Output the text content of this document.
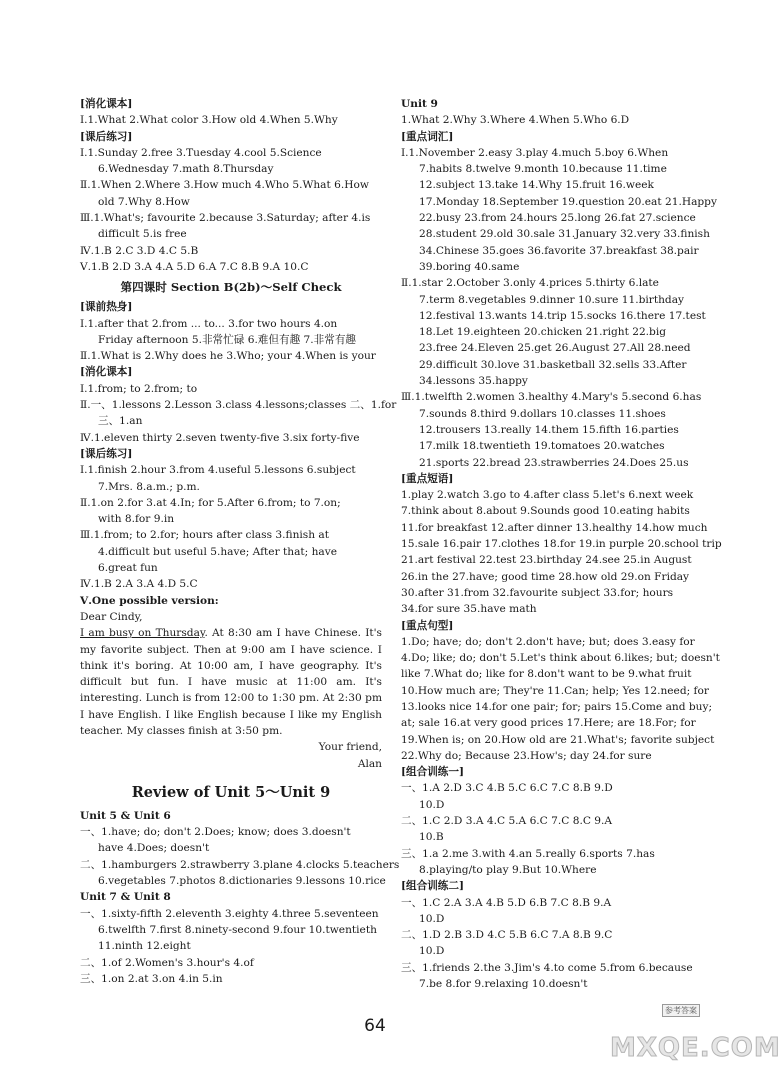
[消化课本]
Ⅰ.1.What 2.What color 3.How old 4.When 5.Why
[课后练习]
Ⅰ.1.Sunday 2.free 3.Tuesday 4.cool 5.Science
6.Wednesday 7.math 8.Thursday
Ⅱ.1.When 2.Where 3.How much 4.Who 5.What 6.How
old 7.Why 8.How
Ⅲ.1.What's; favourite 2.because 3.Saturday; after 4.is
difficult 5.is free
Ⅳ.1.B 2.C 3.D 4.C 5.B
Ⅴ.1.B 2.D 3.A 4.A 5.D 6.A 7.C 8.B 9.A 10.C
第四课时 Section B(2b)～Self Check
[课前热身]
Ⅰ.1.after that 2.from ... to... 3.for two hours 4.on
Friday afternoon 5.非常忙碌 6.难但有趣 7.非常有趣
Ⅱ.1.What is 2.Why does he 3.Who; your 4.When is your
[消化课本]
Ⅰ.1.from; to 2.from; to
Ⅱ.一、1.lessons 2.Lesson 3.class 4.lessons;classes 二、1.for
三、1.an
Ⅳ.1.eleven thirty 2.seven twenty-five 3.six forty-five
[课后练习]
Ⅰ.1.finish 2.hour 3.from 4.useful 5.lessons 6.subject
7.Mrs. 8.a.m.; p.m.
Ⅱ.1.on 2.for 3.at 4.In; for 5.After 6.from; to 7.on;
with 8.for 9.in
Ⅲ.1.from; to 2.for; hours after class 3.finish at
4.difficult but useful 5.have; After that; have
6.great fun
Ⅳ.1.B 2.A 3.A 4.D 5.C
Ⅴ.One possible version:
Dear Cindy,
I am busy on Thursday. At 8:30 am I have Chinese. It's my favorite subject. Then at 9:00 am I have science. I think it's boring. At 10:00 am, I have geography. It's difficult but fun. I have music at 11:00 am. It's interesting. Lunch is from 12:00 to 1:30 pm. At 2:30 pm I have English. I like English because I like my English teacher. My classes finish at 3:50 pm.
Your friend,
Alan
Review of Unit 5～Unit 9
Unit 5 & Unit 6
一、1.have; do; don't 2.Does; know; does 3.doesn't
have 4.Does; doesn't
二、1.hamburgers 2.strawberry 3.plane 4.clocks 5.teachers
6.vegetables 7.photos 8.dictionaries 9.lessons 10.rice
Unit 7 & Unit 8
一、1.sixty-fifth 2.eleventh 3.eighty 4.three 5.seventeen
6.twelfth 7.first 8.ninety-second 9.four 10.twentieth
11.ninth 12.eight
二、1.of 2.Women's 3.hour's 4.of
三、1.on 2.at 3.on 4.in 5.in
Unit 9
1.What 2.Why 3.Where 4.When 5.Who 6.D
[重点词汇]
Ⅰ.1.November 2.easy 3.play 4.much 5.boy 6.When
7.habits 8.twelve 9.month 10.because 11.time
12.subject 13.take 14.Why 15.fruit 16.week
17.Monday 18.September 19.question 20.eat 21.Happy
22.busy 23.from 24.hours 25.long 26.fat 27.science
28.student 29.old 30.sale 31.January 32.very 33.finish
34.Chinese 35.goes 36.favorite 37.breakfast 38.pair
39.boring 40.same
Ⅱ.1.star 2.October 3.only 4.prices 5.thirty 6.late
7.term 8.vegetables 9.dinner 10.sure 11.birthday
12.festival 13.wants 14.trip 15.socks 16.there 17.test
18.Let 19.eighteen 20.chicken 21.right 22.big
23.free 24.Eleven 25.get 26.August 27.All 28.need
29.difficult 30.love 31.basketball 32.sells 33.After
34.lessons 35.happy
Ⅲ.1.twelfth 2.women 3.healthy 4.Mary's 5.second 6.has
7.sounds 8.third 9.dollars 10.classes 11.shoes
12.trousers 13.really 14.them 15.fifth 16.parties
17.milk 18.twentieth 19.tomatoes 20.watches
21.sports 22.bread 23.strawberries 24.Does 25.us
[重点短语]
1.play 2.watch 3.go to 4.after class 5.let's 6.next week
7.think about 8.about 9.Sounds good 10.eating habits
11.for breakfast 12.after dinner 13.healthy 14.how much
15.sale 16.pair 17.clothes 18.for 19.in purple 20.school trip
21.art festival 22.test 23.birthday 24.see 25.in August
26.in the 27.have; good time 28.how old 29.on Friday
30.after 31.from 32.favourite subject 33.for; hours
34.for sure 35.have math
[重点句型]
1.Do; have; do; don't 2.don't have; but; does 3.easy for
4.Do; like; do; don't 5.Let's think about 6.likes; but; doesn't
like 7.What do; like for 8.don't want to be 9.what fruit
10.How much are; They're 11.Can; help; Yes 12.need; for
13.looks nice 14.for one pair; for; pairs 15.Come and buy;
at; sale 16.at very good prices 17.Here; are 18.For; for
19.When is; on 20.How old are 21.What's; favorite subject
22.Why do; Because 23.How's; day 24.for sure
[组合训练一]
一、1.A 2.D 3.C 4.B 5.C 6.C 7.C 8.B 9.D
10.D
二、1.C 2.D 3.A 4.C 5.A 6.C 7.C 8.C 9.A
10.B
三、1.a 2.me 3.with 4.an 5.really 6.sports 7.has
8.playing/to play 9.But 10.Where
[组合训练二]
一、1.C 2.A 3.A 4.B 5.D 6.B 7.C 8.B 9.A
10.D
二、1.D 2.B 3.D 4.C 5.B 6.C 7.A 8.B 9.C
10.D
三、1.friends 2.the 3.Jim's 4.to come 5.from 6.because
7.be 8.for 9.relaxing 10.doesn't
64
参考答案
MXQE.COM
